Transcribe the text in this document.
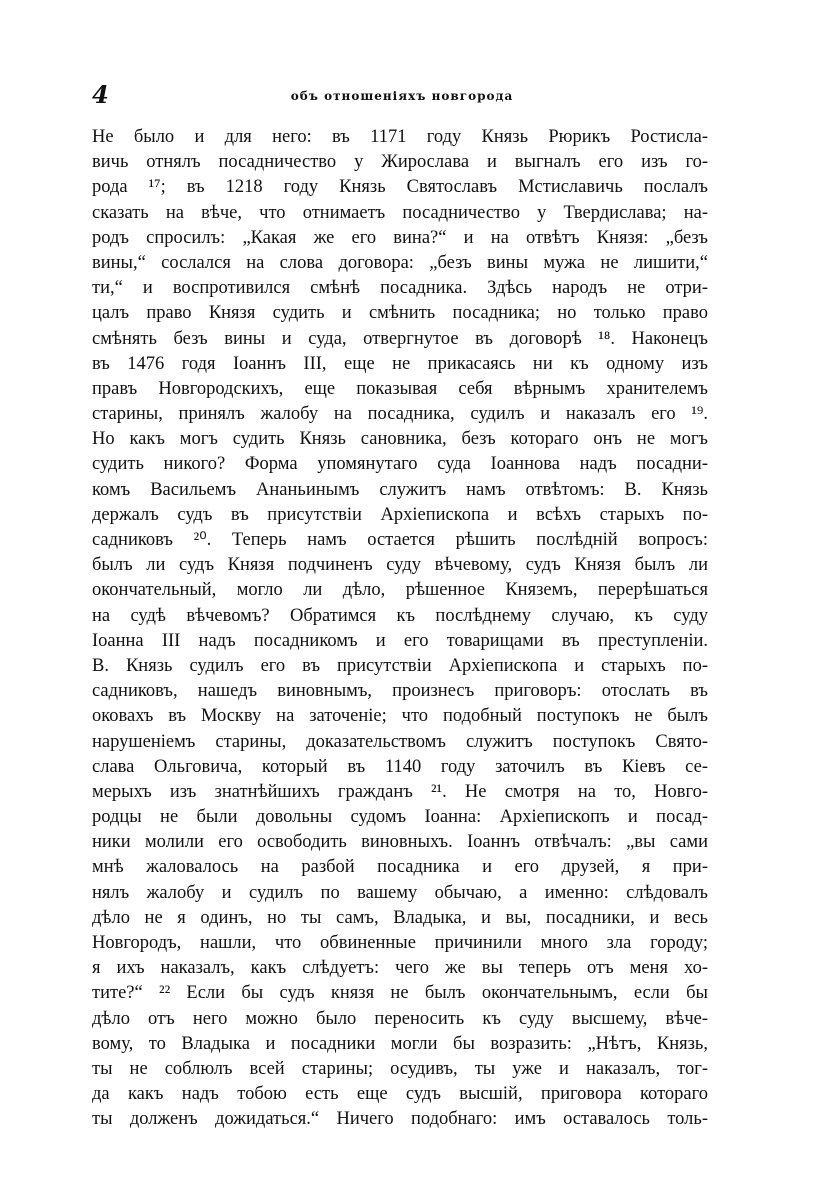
4	объ отношеніяхъ новгорода
Не было и для него: въ 1171 году Князь Рюрикъ Ростисла-
вичь отнялъ посадничество у Жирослава и выгналъ его изъ го-
рода ¹⁷; въ 1218 году Князь Святославъ Мстиславичь послалъ
сказать на вѣче, что отнимаетъ посадничество у Твердислава; на-
родъ спросилъ: „Какая же его вина?“ и на отвѣтъ Князя: „безъ
вины,“ сослался на слова договора: „безъ вины мужа не лишити,“
ти,“ и воспротивился смѣнѣ посадника. Здѣсь народъ не отри-
цалъ право Князя судить и смѣнить посадника; но только право
смѣнять безъ вины и суда, отвергнутое въ договорѣ ¹⁸. Наконецъ
въ 1476 годя Іоаннъ III, еще не прикасаясь ни къ одному изъ
правъ Новгородскихъ, еще показывая себя вѣрнымъ хранителемъ
старины, принялъ жалобу на посадника, судилъ и наказалъ его ¹⁹.
Но какъ могъ судить Князь сановника, безъ котораго онъ не могъ
судить никого? Форма упомянутаго суда Іоаннова надъ посадни-
комъ Васильемъ Ананьинымъ служитъ намъ отвѣтомъ: В. Князь
держалъ судъ въ присутствіи Архіепископа и всѣхъ старыхъ по-
садниковъ ²⁰. Теперь намъ остается рѣшить послѣдній вопросъ:
былъ ли судъ Князя подчиненъ суду вѣчевому, судъ Князя былъ ли
окончательный, могло ли дѣло, рѣшенное Княземъ, перерѣшаться
на судѣ вѣчевомъ? Обратимся къ послѣднему случаю, къ суду
Іоанна III надъ посадникомъ и его товарищами въ преступленіи.
В. Князь судилъ его въ присутствіи Архіепископа и старыхъ по-
садниковъ, нашедъ виновнымъ, произнесъ приговоръ: отослать въ
оковахъ въ Москву на заточеніе; что подобный поступокъ не былъ
нарушеніемъ старины, доказательствомъ служитъ поступокъ Свято-
слава Ольговича, который въ 1140 году заточилъ въ Кіевъ се-
мерыхъ изъ знатнѣйшихъ гражданъ ²¹. Не смотря на то, Новго-
родцы не были довольны судомъ Іоанна: Архіепископъ и посад-
ники молили его освободить виновныхъ. Іоаннъ отвѣчалъ: „вы сами
мнѣ жаловалось на разбой посадника и его друзей, я при-
нялъ жалобу и судилъ по вашему обычаю, а именно: слѣдовалъ
дѣло не я одинъ, но ты самъ, Владыка, и вы, посадники, и весь
Новгородъ, нашли, что обвиненные причинили много зла городу;
я ихъ наказалъ, какъ слѣдуетъ: чего же вы теперь отъ меня хо-
тите?“ ²² Если бы судъ князя не былъ окончательнымъ, если бы
дѣло отъ него можно было переносить къ суду высшему, вѣче-
вому, то Владыка и посадники могли бы возразить: „Нѣтъ, Князь,
ты не соблюлъ всей старины; осудивъ, ты уже и наказалъ, тог-
да какъ надъ тобою есть еще судъ высшій, приговора котораго
ты долженъ дожидаться.“ Ничего подобнаго: имъ оставалось толь-
